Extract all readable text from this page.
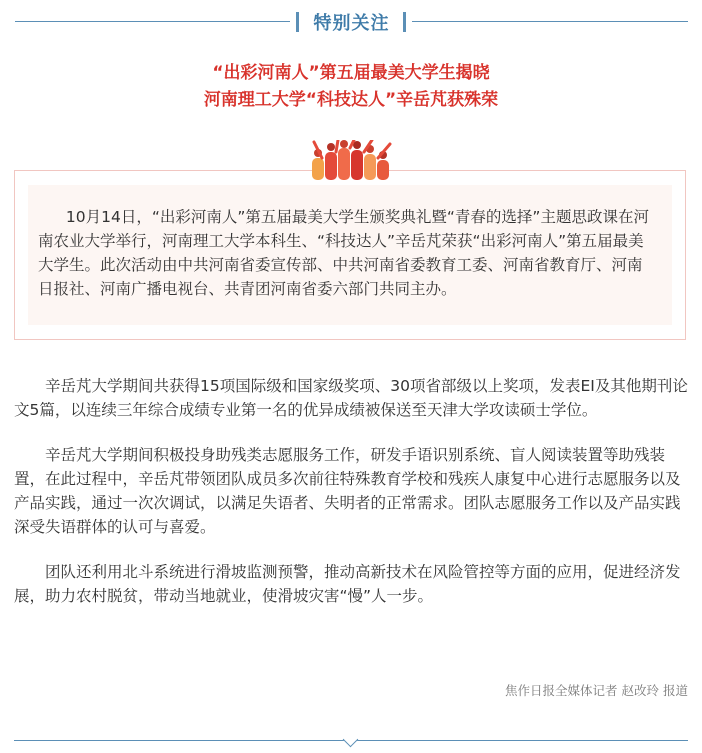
特别关注
“出彩河南人”第五届最美大学生揭晓
河南理工大学“科技达人”辛岳芃获殊荣

10月14日，“出彩河南人”第五届最美大学生颁奖典礼暨“青春的选择”主题思政课在河南农业大学举行，河南理工大学本科生、“科技达人”辛岳芃荣获“出彩河南人”第五届最美大学生。此次活动由中共河南省委宣传部、中共河南省委教育工委、河南省教育厅、河南日报社、河南广播电视台、共青团河南省委六部门共同主办。

辛岳芃大学期间共获得15项国际级和国家级奖项、30项省部级以上奖项，发表EI及其他期刊论文5篇，以连续三年综合成绩专业第一名的优异成绩被保送至天津大学攻读硕士学位。

辛岳芃大学期间积极投身助残类志愿服务工作，研发手语识别系统、盲人阅读装置等助残装置，在此过程中，辛岳芃带领团队成员多次前往特殊教育学校和残疾人康复中心进行志愿服务以及产品实践，通过一次次调试，以满足失语者、失明者的正常需求。团队志愿服务工作以及产品实践深受失语群体的认可与喜爱。

团队还利用北斗系统进行滑坡监测预警，推动高新技术在风险管控等方面的应用，促进经济发展，助力农村脱贫，带动当地就业，使滑坡灾害“慢”人一步。

焦作日报全媒体记者 赵改玲 报道
